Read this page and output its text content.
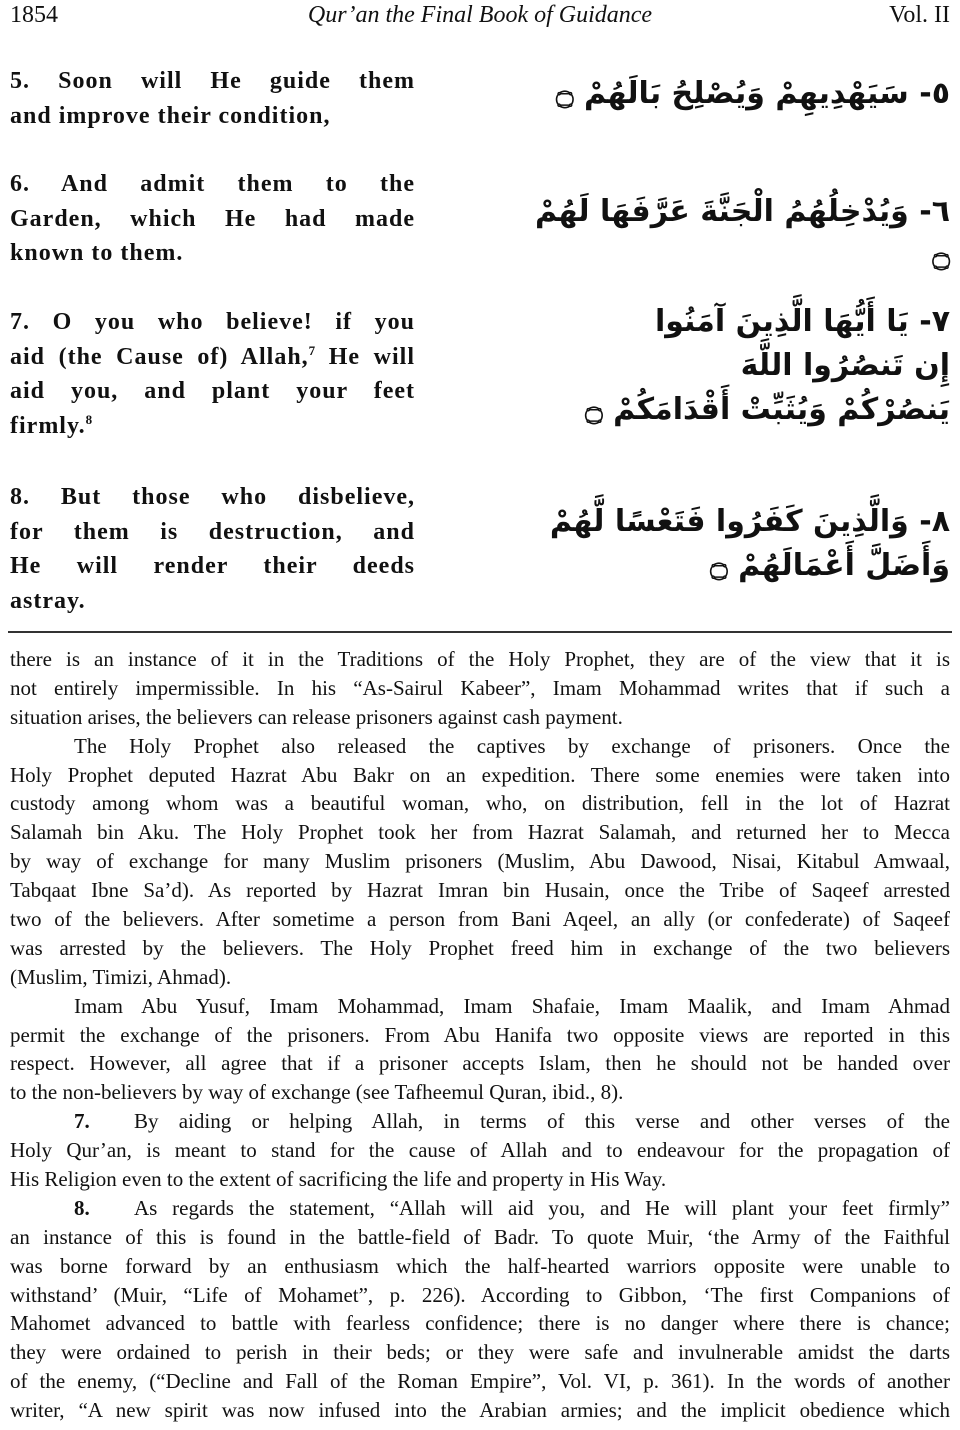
1854	Qur’an the Final Book of Guidance	Vol. II
5. Soon will He guide them
and improve their condition,
٥- سَيَهْدِيهِمْ وَيُصْلِحُ بَالَهُمْ ۝
6. And admit them to the
Garden, which He had made
known to them.
٦- وَيُدْخِلُهُمُ الْجَنَّةَ عَرَّفَهَا لَهُمْ ۝
7. O you who believe! if you
aid (the Cause of) Allah,$^7$ He will
aid you, and plant your feet
firmly.$^8$
٧- يَا أَيُّهَا الَّذِينَ آمَنُوا
إِن تَنصُرُوا اللَّهَ
يَنصُرْكُمْ وَيُثَبِّتْ أَقْدَامَكُمْ ۝
8. But those who disbelieve,
for them is destruction, and
He will render their deeds
astray.
٨- وَالَّذِينَ كَفَرُوا فَتَعْسًا لَّهُمْ
وَأَضَلَّ أَعْمَالَهُمْ ۝
there is an instance of it in the Traditions of the Holy Prophet, they are of the view that it is
not entirely impermissible. In his “As-Sairul Kabeer”, Imam Mohammad writes that if such a
situation arises, the believers can release prisoners against cash payment.
The Holy Prophet also released the captives by exchange of prisoners. Once the
Holy Prophet deputed Hazrat Abu Bakr on an expedition. There some enemies were taken into
custody among whom was a beautiful woman, who, on distribution, fell in the lot of Hazrat
Salamah bin Aku. The Holy Prophet took her from Hazrat Salamah, and returned her to Mecca
by way of exchange for many Muslim prisoners (Muslim, Abu Dawood, Nisai, Kitabul Amwaal,
Tabqaat Ibne Sa’d). As reported by Hazrat Imran bin Husain, once the Tribe of Saqeef arrested
two of the believers. After sometime a person from Bani Aqeel, an ally (or confederate) of Saqeef
was arrested by the believers. The Holy Prophet freed him in exchange of the two believers
(Muslim, Timizi, Ahmad).
Imam Abu Yusuf, Imam Mohammad, Imam Shafaie, Imam Maalik, and Imam Ahmad
permit the exchange of the prisoners. From Abu Hanifa two opposite views are reported in this
respect. However, all agree that if a prisoner accepts Islam, then he should not be handed over
to the non-believers by way of exchange (see Tafheemul Quran, ibid., 8).
7. By aiding or helping Allah, in terms of this verse and other verses of the
Holy Qur’an, is meant to stand for the cause of Allah and to endeavour for the propagation of
His Religion even to the extent of sacrificing the life and property in His Way.
8. As regards the statement, “Allah will aid you, and He will plant your feet firmly”
an instance of this is found in the battle-field of Badr. To quote Muir, ‘the Army of the Faithful
was borne forward by an enthusiasm which the half-hearted warriors opposite were unable to
withstand’ (Muir, “Life of Mohamet”, p. 226). According to Gibbon, ‘The first Companions of
Mahomet advanced to battle with fearless confidence; there is no danger where there is chance;
they were ordained to perish in their beds; or they were safe and invulnerable amidst the darts
of the enemy, (“Decline and Fall of the Roman Empire”, Vol. VI, p. 361). In the words of another
writer, “A new spirit was now infused into the Arabian armies; and the implicit obedience which
